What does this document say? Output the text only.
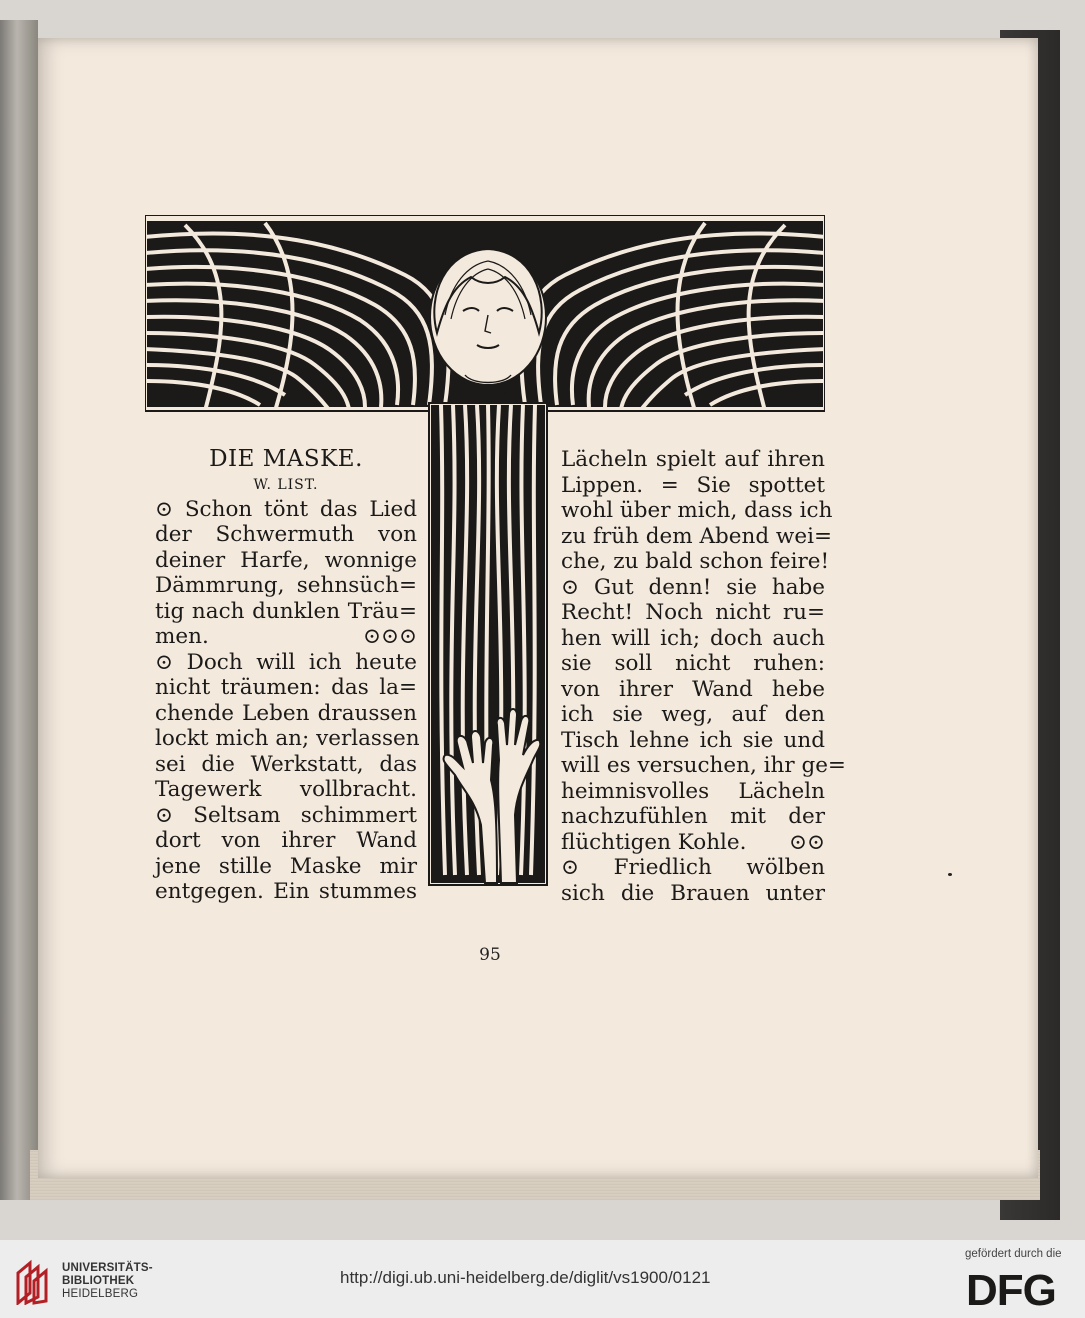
DIE MASKE.
W. LIST.
⊙ Schon tönt das Lied
der Schwermuth von
deiner Harfe, wonnige
Dämmrung, sehnsüch=
tig nach dunklen Träu=
men.	⊙⊙⊙
⊙ Doch will ich heute
nicht träumen: das la=
chende Leben draussen
lockt mich an; verlassen
sei die Werkstatt, das
Tagewerk vollbracht.
⊙ Seltsam schimmert
dort von ihrer Wand
jene stille Maske mir
entgegen. Ein stummes
Lächeln spielt auf ihren
Lippen. = Sie spottet
wohl über mich, dass ich
zu früh dem Abend wei=
che, zu bald schon feire!
⊙ Gut denn! sie habe
Recht! Noch nicht ru=
hen will ich; doch auch
sie soll nicht ruhen:
von ihrer Wand hebe
ich sie weg, auf den
Tisch lehne ich sie und
will es versuchen, ihr ge=
heimnisvolles Lächeln
nachzufühlen mit der
flüchtigen Kohle. ⊙⊙
⊙ Friedlich wölben
sich die Brauen unter
95
UNIVERSITÄTS-
BIBLIOTHEK
HEIDELBERG
http://digi.ub.uni-heidelberg.de/diglit/vs1900/0121
gefördert durch die
DFG
